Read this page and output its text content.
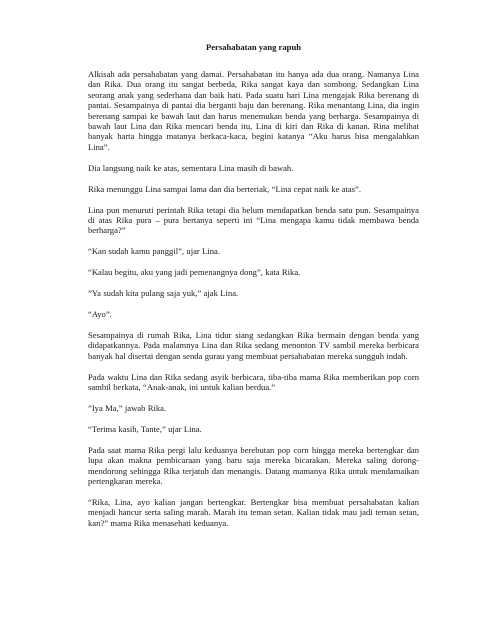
Persahabatan yang rapuh

Alkisah ada persahabatan yang damai. Persahabatan itu hanya ada dua orang. Namanya Lina dan Rika. Dua orang itu sangat berbeda, Rika sangat kaya dan sombong. Sedangkan Lina seorang anak yang sederhana dan baik hati. Pada suatu hari Lina mengajak Rika berenang di pantai. Sesampainya di pantai dia berganti baju dan berenang. Rika menantang Lina, dia ingin berenang sampai ke bawah laut dan harus menemukan benda yang berharga. Sesampainya di bawah laut Lina dan Rika mencari benda itu, Lina di kiri dan Rika di kanan. Rina melihat banyak harta hingga matanya berkaca-kaca, begini katanya “Aku harus bisa mengalahkan Lina”.

Dia langsung naik ke atas, sementara Lina masih di bawah.

Rika menunggu Lina sampai lama dan dia berteriak, “Lina cepat naik ke atas”.

Lina pun menuruti perintah Rika tetapi dia belum mendapatkan benda satu pun. Sesampainya di atas Rika pura – pura bertanya seperti ini “Lina mengapa kamu tidak membawa benda berharga?”

“Kan sudah kamu panggil”, ujar Lina.

“Kalau begitu, aku yang jadi pemenangnya dong”, kata Rika.

”Ya sudah kita pulang saja yuk,” ajak Lina.

“Ayo”.

Sesampainya di rumah Rika, Lina tidur siang sedangkan Rika bermain dengan benda yang didapatkannya. Pada malamnya Lina dan Rika sedang menonton TV sambil mereka berbicara banyak hal disertai dengan senda gurau yang membuat persahabatan mereka sungguh indah.

Pada waktu Lina dan Rika sedang asyik berbicara, tiba-tiba mama Rika memberikan pop corn sambil berkata, “Anak-anak, ini untuk kalian berdua.”

”Iya Ma,” jawab Rika.

“Terima kasih, Tante,” ujar Lina.

Pada saat mama Rika pergi lalu keduanya berebutan pop corn hingga mereka bertengkar dan lupa akan makna pembicaraan yang baru saja mereka bicarakan. Mereka saling dorong-mendorong sehingga Rika terjatuh dan menangis. Datang mamanya Rika untuk mendamaikan pertengkaran mereka.

“Rika, Lina, ayo kalian jangan bertengkar. Bertengkar bisa membuat persahabatan kalian menjadi hancur serta saling marah. Marah itu teman setan. Kalian tidak mau jadi teman setan, kan?” mama Rika menasehati keduanya.
